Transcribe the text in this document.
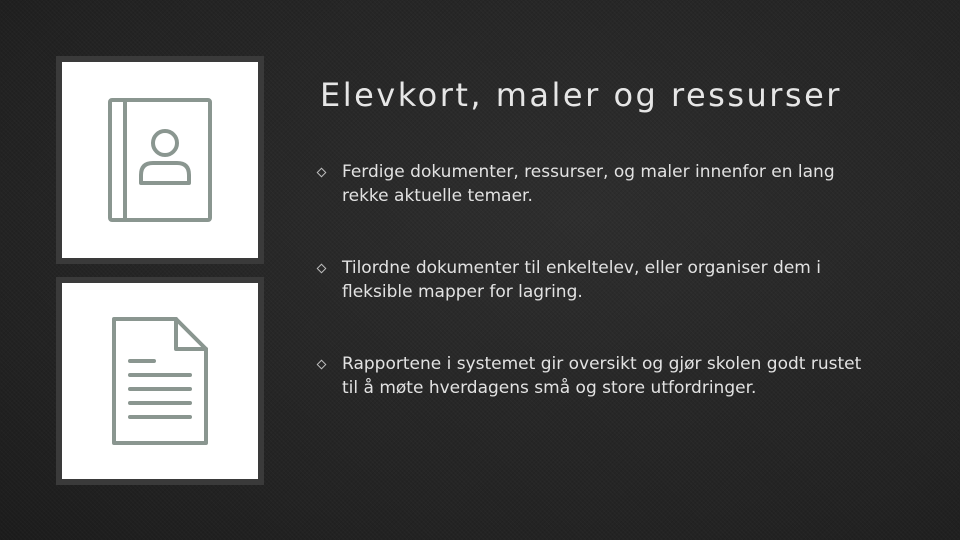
Elevkort, maler og ressurser
Ferdige dokumenter, ressurser, og maler innenfor en lang rekke aktuelle temaer.
Tilordne dokumenter til enkeltelev, eller organiser dem i fleksible mapper for lagring.
Rapportene i systemet gir oversikt og gjør skolen godt rustet til å møte hverdagens små og store utfordringer.
